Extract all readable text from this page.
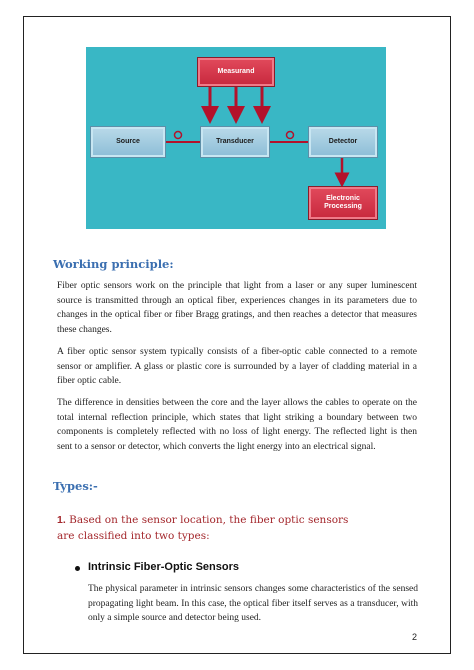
Measurand
Source	Transducer	Detector
Electronic Processing
Working principle:

Fiber optic sensors work on the principle that light from a laser or any super luminescent source is transmitted through an optical fiber, experiences changes in its parameters due to changes in the optical fiber or fiber Bragg gratings, and then reaches a detector that measures these changes.

A fiber optic sensor system typically consists of a fiber-optic cable connected to a remote sensor or amplifier. A glass or plastic core is surrounded by a layer of cladding material in a fiber optic cable.

The difference in densities between the core and the layer allows the cables to operate on the total internal reflection principle, which states that light striking a boundary between two components is completely reflected with no loss of light energy. The reflected light is then sent to a sensor or detector, which converts the light energy into an electrical signal.

Types:-

1. Based on the sensor location, the fiber optic sensors are classified into two types:

Intrinsic Fiber-Optic Sensors

The physical parameter in intrinsic sensors changes some characteristics of the sensed propagating light beam. In this case, the optical fiber itself serves as a transducer, with only a simple source and detector being used.

2
